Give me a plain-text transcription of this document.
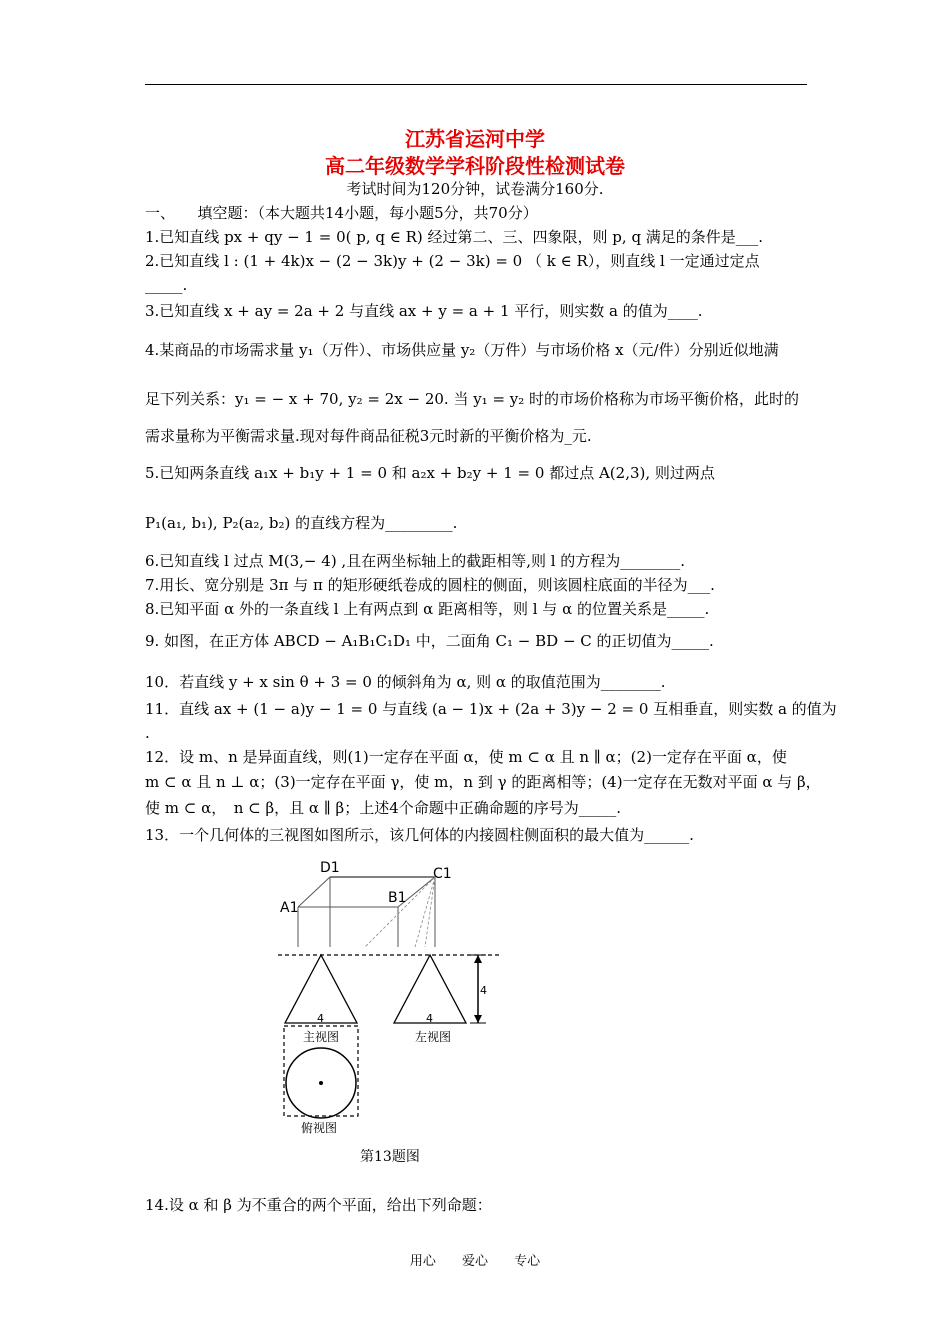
江苏省运河中学
高二年级数学学科阶段性检测试卷
考试时间为120分钟，试卷满分160分.
一、　　填空题：（本大题共14小题，每小题5分，共70分）
1.已知直线 px + qy − 1 = 0( p, q ∈ R) 经过第二、三、四象限，则 p, q 满足的条件是___.
2.已知直线 l : (1 + 4k)x − (2 − 3k)y + (2 − 3k) = 0 （ k ∈ R），则直线 l 一定通过定点
_____.
3.已知直线 x + ay = 2a + 2 与直线 ax + y = a + 1 平行，则实数 a 的值为____.
4.某商品的市场需求量 y₁（万件）、市场供应量 y₂（万件）与市场价格 x（元/件）分别近似地满
足下列关系：y₁ = − x + 70, y₂ = 2x − 20. 当 y₁ = y₂ 时的市场价格称为市场平衡价格，此时的
需求量称为平衡需求量.现对每件商品征税3元时新的平衡价格为_元.
5.已知两条直线 a₁x + b₁y + 1 = 0 和 a₂x + b₂y + 1 = 0 都过点 A(2,3), 则过两点
P₁(a₁, b₁), P₂(a₂, b₂) 的直线方程为_________.
6.已知直线 l 过点 M(3,− 4) ,且在两坐标轴上的截距相等,则 l 的方程为________.
7.用长、宽分别是 3π 与 π 的矩形硬纸卷成的圆柱的侧面，则该圆柱底面的半径为___.
8.已知平面 α 外的一条直线 l 上有两点到 α 距离相等，则 l 与 α 的位置关系是_____.
9. 如图，在正方体 ABCD − A₁B₁C₁D₁ 中，二面角 C₁ − BD − C 的正切值为_____.
10．若直线 y + x sin θ + 3 = 0 的倾斜角为 α, 则 α 的取值范围为________.
11．直线 ax + (1 − a)y − 1 = 0 与直线 (a − 1)x + (2a + 3)y − 2 = 0 互相垂直，则实数 a 的值为
.
12．设 m、n 是异面直线，则(1)一定存在平面 α，使 m ⊂ α 且 n ∥ α；(2)一定存在平面 α，使
m ⊂ α 且 n ⊥ α；(3)一定存在平面 γ，使 m，n 到 γ 的距离相等；(4)一定存在无数对平面 α 与 β，
使 m ⊂ α，　n ⊂ β，且 α ∥ β；上述4个命题中正确命题的序号为_____.
13．一个几何体的三视图如图所示，该几何体的内接圆柱侧面积的最大值为______.
D1	C1
A1
B1
4
主视图
4
左视图
4
俯视图
第13题图
14.设 α 和 β 为不重合的两个平面，给出下列命题：
用心 爱心 专心
